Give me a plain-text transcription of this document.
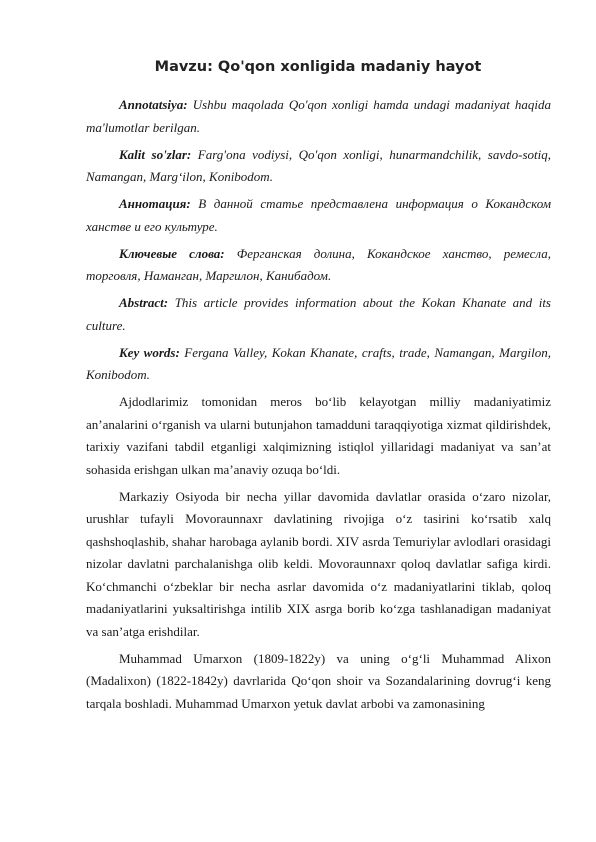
Mavzu: Qo'qon xonligida madaniy hayot

Annotatsiya: Ushbu maqolada Qo'qon xonligi hamda undagi madaniyat haqida ma'lumotlar berilgan.

Kalit so'zlar: Farg'ona vodiysi, Qo'qon xonligi, hunarmandchilik, savdo-sotiq, Namangan, Marg‘ilon, Konibodom.

Аннотация: В данной статье представлена информация о Кокандском ханстве и его культуре.

Ключевые слова: Ферганская долина, Кокандское ханство, ремесла, торговля, Наманган, Маргилон, Канибадом.

Abstract: This article provides information about the Kokan Khanate and its culture.

Key words: Fergana Valley, Kokan Khanate, crafts, trade, Namangan, Margilon, Konibodom.

Ajdodlarimiz tomonidan meros bo‘lib kelayotgan milliy madaniyatimiz an’analarini o‘rganish va ularni butunjahon tamadduni taraqqiyotiga xizmat qildirishdek, tarixiy vazifani tabdil etganligi xalqimizning istiqlol yillaridagi madaniyat va san’at sohasida erishgan ulkan ma’anaviy ozuqa bo‘ldi.

Markaziy Osiyoda bir necha yillar davomida davlatlar orasida o‘zaro nizolar, urushlar tufayli Movoraunnaxr davlatining rivojiga o‘z tasirini ko‘rsatib xalq qashshoqlashib, shahar harobaga aylanib bordi. XIV asrda Temuriylar avlodlari orasidagi nizolar davlatni parchalanishga olib keldi. Movoraunnaxr qoloq davlatlar safiga kirdi. Ko‘chmanchi o‘zbeklar bir necha asrlar davomida o‘z madaniyatlarini tiklab, qoloq madaniyatlarini yuksaltirishga intilib XIX asrga borib ko‘zga tashlanadigan madaniyat va san’atga erishdilar.

Muhammad Umarxon (1809-1822y) va uning o‘g‘li Muhammad Alixon (Madalixon) (1822-1842y) davrlarida Qo‘qon shoir va Sozandalarining dovrug‘i keng tarqala boshladi. Muhammad Umarxon yetuk davlat arbobi va zamonasining
